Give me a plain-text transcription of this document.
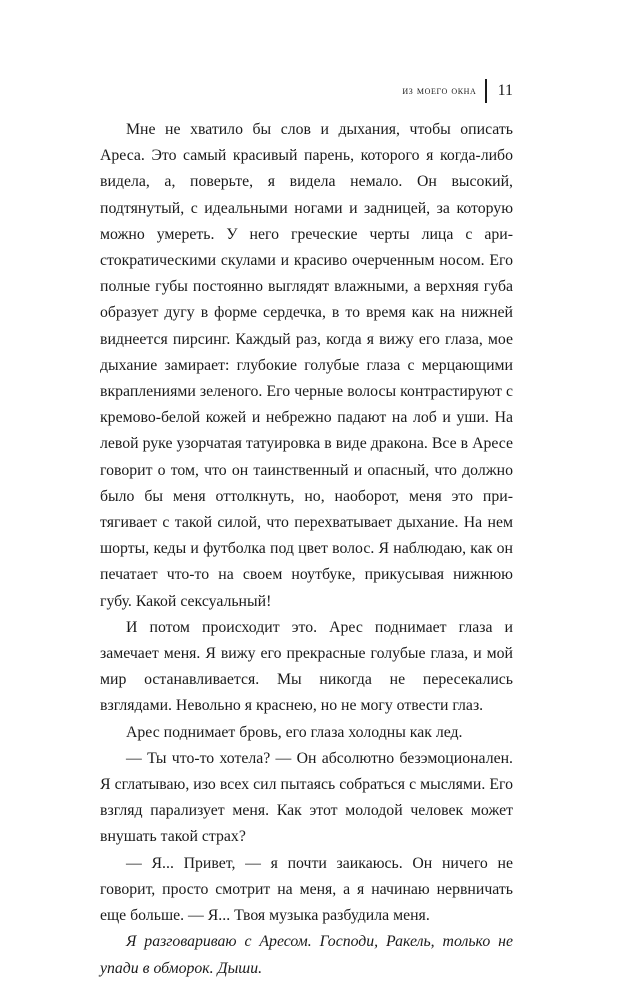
из моего окна 11

Мне не хватило бы слов и дыхания, чтобы описать Ареса. Это самый красивый парень, которого я когда-либо видела, а, поверьте, я видела немало. Он высокий, подтянутый, с идеальными ногами и задницей, за которую можно умереть. У него греческие черты лица с аристократическими скулами и красиво очерченным носом. Его полные губы постоянно выглядят влажными, а верхняя губа образует дугу в форме сердечка, в то время как на нижней виднеется пирсинг. Каждый раз, когда я вижу его глаза, мое дыхание замирает: глубокие голубые глаза с мерцающими вкраплениями зеленого. Его черные волосы контрастируют с кремово-белой кожей и небрежно падают на лоб и уши. На левой руке узорчатая татуировка в виде дракона. Все в Аресе говорит о том, что он таинственный и опасный, что должно было бы меня оттолкнуть, но, наоборот, меня это притягивает с такой силой, что перехватывает дыхание. На нем шорты, кеды и футболка под цвет волос. Я наблюдаю, как он печатает что-то на своем ноутбуке, прикусывая нижнюю губу. Какой сексуальный!

И потом происходит это. Арес поднимает глаза и замечает меня. Я вижу его прекрасные голубые глаза, и мой мир останавливается. Мы никогда не пересекались взглядами. Невольно я краснею, но не могу отвести глаз.

Арес поднимает бровь, его глаза холодны как лед.

— Ты что-то хотела? — Он абсолютно безэмоционален. Я сглатываю, изо всех сил пытаясь собраться с мыслями. Его взгляд парализует меня. Как этот молодой человек может внушать такой страх?

— Я... Привет, — я почти заикаюсь. Он ничего не говорит, просто смотрит на меня, а я начинаю нервничать еще больше. — Я... Твоя музыка разбудила меня.

Я разговариваю с Аресом. Господи, Ракель, только не упади в обморок. Дыши.
